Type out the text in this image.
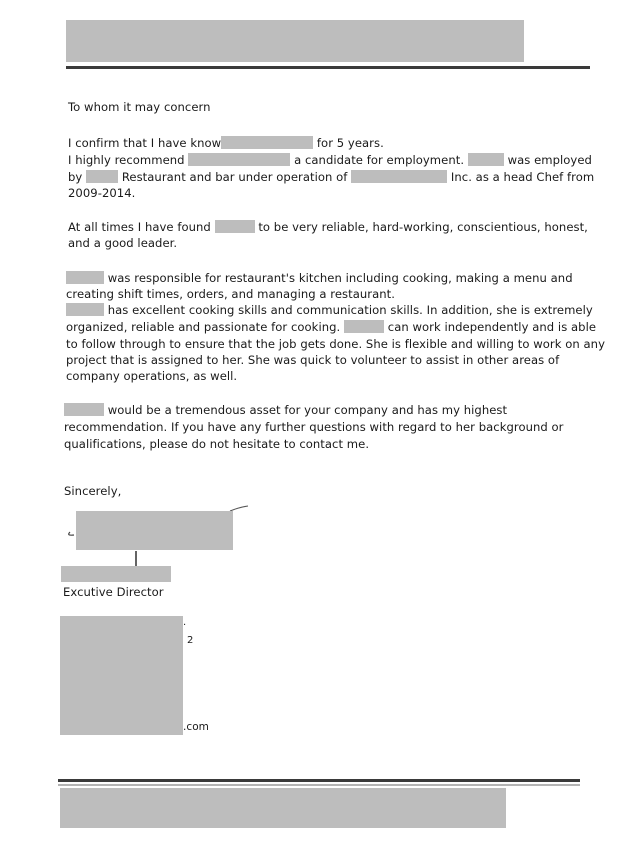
To whom it may concern
I confirm that I have know	for 5 years.
I highly recommend	a candidate for employment.	was employed
by	Restaurant and bar under operation of	Inc. as a head Chef from
2009-2014.
At all times I have found	to be very reliable, hard-working, conscientious, honest,
and a good leader.
was responsible for restaurant's kitchen including cooking, making a menu and
creating shift times, orders, and managing a restaurant.
has excellent cooking skills and communication skills. In addition, she is extremely
organized, reliable and passionate for cooking.	can work independently and is able
to follow through to ensure that the job gets done. She is flexible and willing to work on any
project that is assigned to her. She was quick to volunteer to assist in other areas of
company operations, as well.
would be a tremendous asset for your company and has my highest
recommendation. If you have any further questions with regard to her background or
qualifications, please do not hesitate to contact me.
Sincerely,
Excutive Director
.
2
.com
